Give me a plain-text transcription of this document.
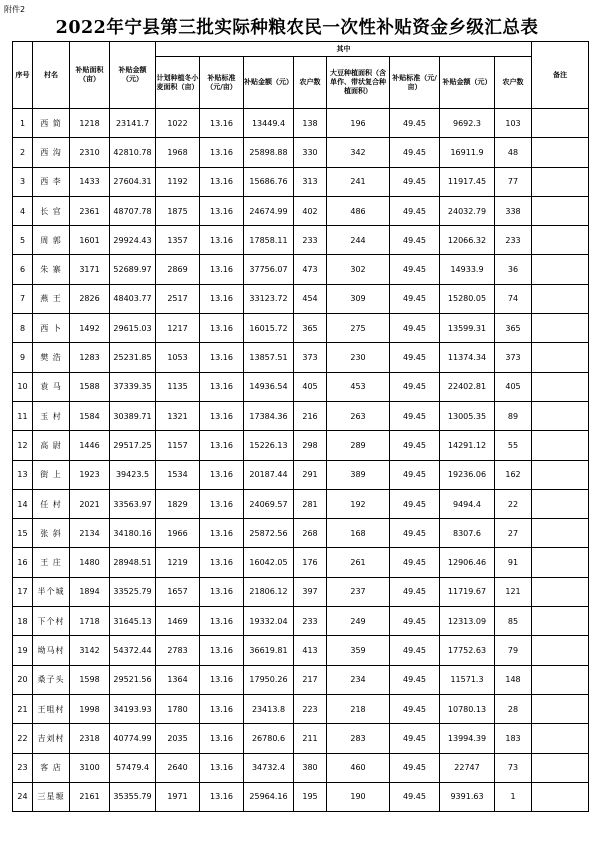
附件2
2022年宁县第三批实际种粮农民一次性补贴资金乡级汇总表
序号	村名	补贴面积（亩）	补贴金额（元）	其中								备注
				计划种植冬小麦面积（亩）	补贴标准（元/亩）	补贴金额（元）	农户数	大豆种植面积（含单作、带状复合种植面积）	补贴标准（元/亩）	补贴金额（元）	农户数	
1	西 简	1218	23141.7	1022	13.16	13449.4	138	196	49.45	9692.3	103	
2	西 沟	2310	42810.78	1968	13.16	25898.88	330	342	49.45	16911.9	48	
3	西 李	1433	27604.31	1192	13.16	15686.76	313	241	49.45	11917.45	77	
4	长 官	2361	48707.78	1875	13.16	24674.99	402	486	49.45	24032.79	338	
5	周 郭	1601	29924.43	1357	13.16	17858.11	233	244	49.45	12066.32	233	
6	朱 寨	3171	52689.97	2869	13.16	37756.07	473	302	49.45	14933.9	36	
7	燕 王	2826	48403.77	2517	13.16	33123.72	454	309	49.45	15280.05	74	
8	西 卜	1492	29615.03	1217	13.16	16015.72	365	275	49.45	13599.31	365	
9	樊 浩	1283	25231.85	1053	13.16	13857.51	373	230	49.45	11374.34	373	
10	袁 马	1588	37339.35	1135	13.16	14936.54	405	453	49.45	22402.81	405	
11	玉 村	1584	30389.71	1321	13.16	17384.36	216	263	49.45	13005.35	89	
12	高 尉	1446	29517.25	1157	13.16	15226.13	298	289	49.45	14291.12	55	
13	街 上	1923	39423.5	1534	13.16	20187.44	291	389	49.45	19236.06	162	
14	任 村	2021	33563.97	1829	13.16	24069.57	281	192	49.45	9494.4	22	
15	张 斜	2134	34180.16	1966	13.16	25872.56	268	168	49.45	8307.6	27	
16	王 庄	1480	28948.51	1219	13.16	16042.05	176	261	49.45	12906.46	91	
17	半个城	1894	33525.79	1657	13.16	21806.12	397	237	49.45	11719.67	121	
18	下个村	1718	31645.13	1469	13.16	19332.04	233	249	49.45	12313.09	85	
19	坳马村	3142	54372.44	2783	13.16	36619.81	413	359	49.45	17752.63	79	
20	桑子头	1598	29521.56	1364	13.16	17950.26	217	234	49.45	11571.3	148	
21	王咀村	1998	34193.93	1780	13.16	23413.8	223	218	49.45	10780.13	28	
22	吉刘村	2318	40774.99	2035	13.16	26780.6	211	283	49.45	13994.39	183	
23	客 店	3100	57479.4	2640	13.16	34732.4	380	460	49.45	22747	73	
24	三星塬	2161	35355.79	1971	13.16	25964.16	195	190	49.45	9391.63	1	
